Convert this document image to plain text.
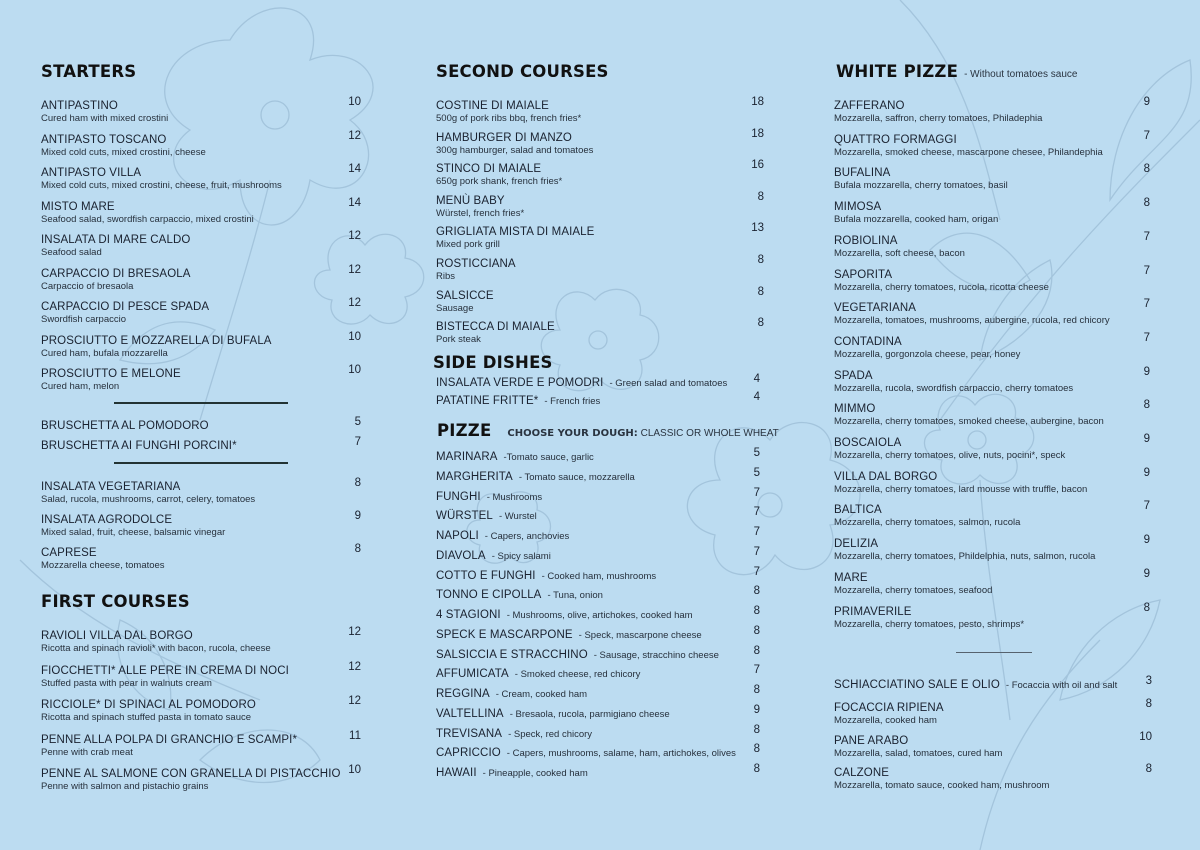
STARTERS
ANTIPASTINO
Cured ham with mixed crostini
10
ANTIPASTO TOSCANO
Mixed cold cuts, mixed crostini, cheese
12
ANTIPASTO VILLA
Mixed cold cuts, mixed crostini, cheese, fruit, mushrooms
14
MISTO MARE
Seafood salad, swordfish carpaccio, mixed crostini
14
INSALATA DI MARE CALDO
Seafood salad
12
CARPACCIO DI BRESAOLA
Carpaccio of bresaola
12
CARPACCIO DI PESCE SPADA
Swordfish carpaccio
12
PROSCIUTTO E MOZZARELLA DI BUFALA
Cured ham, bufala mozzarella
10
PROSCIUTTO E MELONE
Cured ham, melon
10
BRUSCHETTA AL POMODORO	5
BRUSCHETTA AI FUNGHI PORCINI*	7
INSALATA VEGETARIANA
Salad, rucola, mushrooms, carrot, celery, tomatoes
8
INSALATA AGRODOLCE
Mixed salad, fruit, cheese, balsamic vinegar
9
CAPRESE
Mozzarella cheese, tomatoes
8
FIRST COURSES
RAVIOLI VILLA DAL BORGO
Ricotta and spinach ravioli* with bacon, rucola, cheese
12
FIOCCHETTI* ALLE PERE IN CREMA DI NOCI
Stuffed pasta with pear in walnuts cream
12
RICCIOLE* DI SPINACI AL POMODORO
Ricotta and spinach stuffed pasta in tomato sauce
12
PENNE ALLA POLPA DI GRANCHIO E SCAMPI*
Penne with crab meat
11
PENNE AL SALMONE CON GRANELLA DI PISTACCHIO
Penne with salmon and pistachio grains
10
SECOND COURSES
COSTINE DI MAIALE
500g of pork ribs bbq, french fries*
18
HAMBURGER DI MANZO
300g hamburger, salad and tomatoes
18
STINCO DI MAIALE
650g pork shank, french fries*
16
MENÙ BABY
Würstel, french fries*
8
GRIGLIATA MISTA DI MAIALE
Mixed pork grill
13
ROSTICCIANA
Ribs
8
SALSICCE
Sausage
8
BISTECCA DI MAIALE
Pork steak
8
SIDE DISHES
INSALATA VERDE E POMODRI - Green salad and tomatoes	4
PATATINE FRITTE* - French fries	4
PIZZE CHOOSE YOUR DOUGH: CLASSIC OR WHOLE WHEAT
MARINARA -Tomato sauce, garlic	5
MARGHERITA - Tomato sauce, mozzarella	5
FUNGHI - Mushrooms	7
WÜRSTEL - Wurstel	7
NAPOLI - Capers, anchovies	7
DIAVOLA - Spicy salami	7
COTTO E FUNGHI - Cooked ham, mushrooms	7
TONNO E CIPOLLA - Tuna, onion	8
4 STAGIONI - Mushrooms, olive, artichokes, cooked ham	8
SPECK E MASCARPONE - Speck, mascarpone cheese	8
SALSICCIA E STRACCHINO - Sausage, stracchino cheese	8
AFFUMICATA - Smoked cheese, red chicory	7
REGGINA - Cream, cooked ham	8
VALTELLINA - Bresaola, rucola, parmigiano cheese	9
TREVISANA - Speck, red chicory	8
CAPRICCIO - Capers, mushrooms, salame, ham, artichokes, olives	8
HAWAII - Pineapple, cooked ham	8
WHITE PIZZE - Without tomatoes sauce
ZAFFERANO
Mozzarella, saffron, cherry tomatoes, Philadephia
9
QUATTRO FORMAGGI
Mozzarella, smoked cheese, mascarpone chesee, Philandephia
7
BUFALINA
Bufala mozzarella, cherry tomatoes, basil
8
MIMOSA
Bufala mozzarella, cooked ham, origan
8
ROBIOLINA
Mozzarella, soft cheese, bacon
7
SAPORITA
Mozzarella, cherry tomatoes, rucola, ricotta cheese
7
VEGETARIANA
Mozzarella, tomatoes, mushrooms, aubergine, rucola, red chicory
7
CONTADINA
Mozzarella, gorgonzola cheese, pear, honey
7
SPADA
Mozzarella, rucola, swordfish carpaccio, cherry tomatoes
9
MIMMO
Mozzarella, cherry tomatoes, smoked cheese, aubergine, bacon
8
BOSCAIOLA
Mozzarella, cherry tomatoes, olive, nuts, pocini*, speck
9
VILLA DAL BORGO
Mozzarella, cherry tomatoes, lard mousse with truffle, bacon
9
BALTICA
Mozzarella, cherry tomatoes, salmon, rucola
7
DELIZIA
Mozzarella, cherry tomatoes, Phildelphia, nuts, salmon, rucola
9
MARE
Mozzarella, cherry tomatoes, seafood
9
PRIMAVERILE
Mozzarella, cherry tomatoes, pesto, shrimps*
8
SCHIACCIATINO SALE E OLIO - Focaccia with oil and salt	3
FOCACCIA RIPIENA
Mozzarella, cooked ham
8
PANE ARABO
Mozzarella, salad, tomatoes, cured ham
10
CALZONE
Mozzarella, tomato sauce, cooked ham, mushroom
8
